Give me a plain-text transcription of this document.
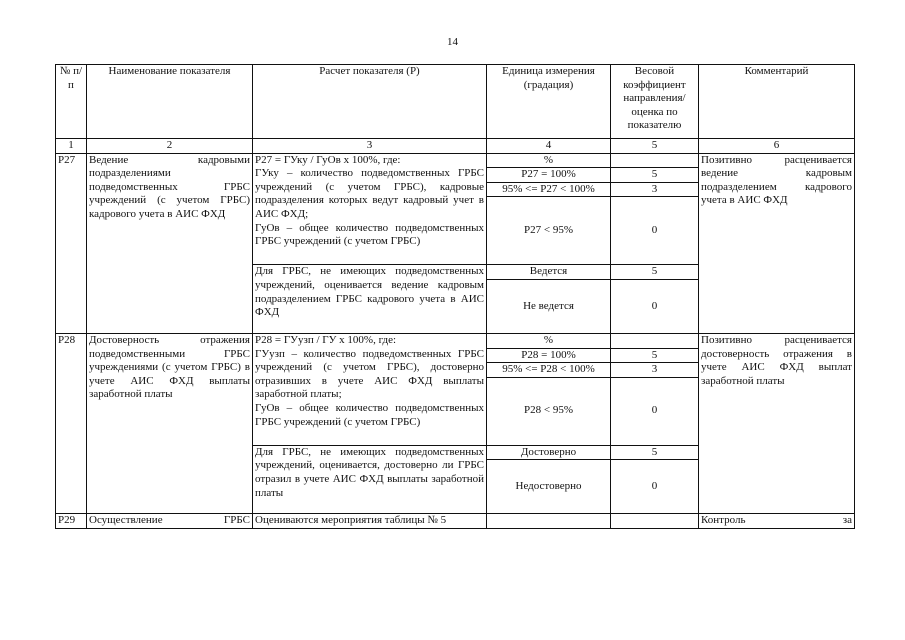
14
№ п/п	Наименование показателя	Расчет показателя (P)	Единица измерения (градация)	Весовой коэффициент направления/ оценка по показателю	Комментарий
1	2	3	4	5	6
P27	Ведение кадровыми подразделениями подведомственных ГРБС учреждений (с учетом ГРБС) кадрового учета в АИС ФХД	P27 = ГУку / ГуОв х 100%, где:
ГУку – количество подведомственных ГРБС учреждений (с учетом ГРБС), кадровые подразделения которых ведут кадровый учет в АИС ФХД;
ГуОв – общее количество подведомственных ГРБС учреждений (с учетом ГРБС)	%		Позитивно расценивается ведение кадровым подразделением кадрового учета в АИС ФХД
			P27 = 100%	5	
			95% <= P27 < 100%	3	
			P27 < 95%	0	
		Для ГРБС, не имеющих подведомственных учреждений, оценивается ведение кадровым подразделением ГРБС кадрового учета в АИС ФХД	Ведется	5	
			Не ведется	0	
P28	Достоверность отражения подведомственными ГРБС учреждениями (с учетом ГРБС) в учете АИС ФХД выплаты заработной платы	P28 = ГУузп / ГУ х 100%, где:
ГУузп – количество подведомственных ГРБС учреждений (с учетом ГРБС), достоверно отразивших в учете АИС ФХД выплаты заработной платы;
ГуОв – общее количество подведомственных ГРБС учреждений (с учетом ГРБС)	%		Позитивно расценивается достоверность отражения в учете АИС ФХД выплат заработной платы
			P28 = 100%	5	
			95% <= P28 < 100%	3	
			P28 < 95%	0	
		Для ГРБС, не имеющих подведомственных учреждений, оценивается, достоверно ли ГРБС отразил в учете АИС ФХД выплаты заработной платы	Достоверно	5	
			Недостоверно	0	
P29	Осуществление ГРБС	Оцениваются мероприятия таблицы № 5			Контроль за
